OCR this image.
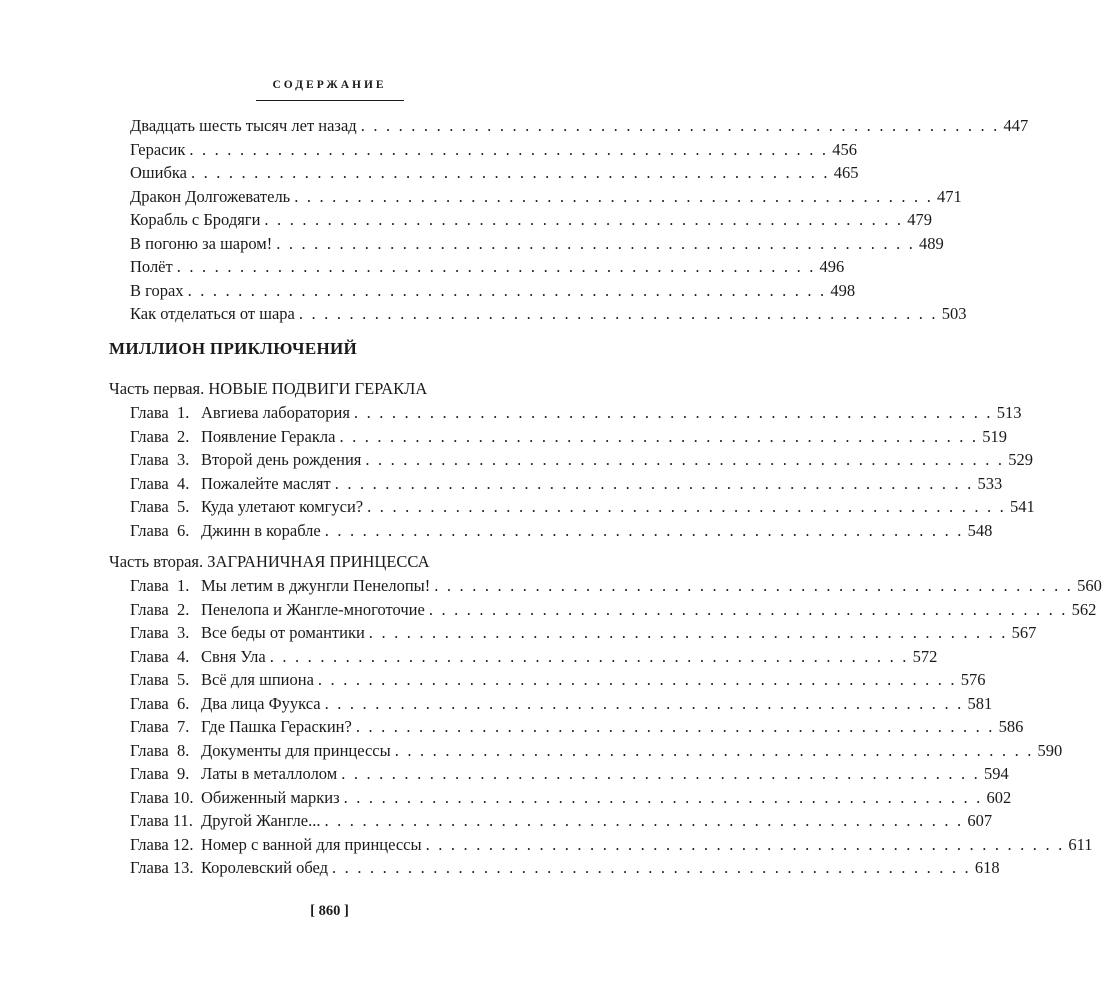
СОДЕРЖАНИЕ
Двадцать шесть тысяч лет назад . . . . . . . . . . . . . . . . . . . . . . . . . . . . . . . . . . . . . . . . . . . . . . . . . . . 447
Герасик . . . . . . . . . . . . . . . . . . . . . . . . . . . . . . . . . . . . . . . . . . . . . . . . . . . 456
Ошибка . . . . . . . . . . . . . . . . . . . . . . . . . . . . . . . . . . . . . . . . . . . . . . . . . . . 465
Дракон Долгожеватель . . . . . . . . . . . . . . . . . . . . . . . . . . . . . . . . . . . . . . . . . . . . . . . . . . . 471
Корабль с Бродяги . . . . . . . . . . . . . . . . . . . . . . . . . . . . . . . . . . . . . . . . . . . . . . . . . . . 479
В погоню за шаром! . . . . . . . . . . . . . . . . . . . . . . . . . . . . . . . . . . . . . . . . . . . . . . . . . . . 489
Полёт . . . . . . . . . . . . . . . . . . . . . . . . . . . . . . . . . . . . . . . . . . . . . . . . . . . 496
В горах . . . . . . . . . . . . . . . . . . . . . . . . . . . . . . . . . . . . . . . . . . . . . . . . . . . 498
Как отделаться от шара . . . . . . . . . . . . . . . . . . . . . . . . . . . . . . . . . . . . . . . . . . . . . . . . . . . 503
МИЛЛИОН ПРИКЛЮЧЕНИЙ
Часть первая. НОВЫЕ ПОДВИГИ ГЕРАКЛА
Глава  1. Авгиева лаборатория . . . . . . . . . . . . . . . . . . . . . . . . . . . . . . . . . . . . . . . . . . . . . . . . . . . 513
Глава  2. Появление Геракла . . . . . . . . . . . . . . . . . . . . . . . . . . . . . . . . . . . . . . . . . . . . . . . . . . . 519
Глава  3. Второй день рождения . . . . . . . . . . . . . . . . . . . . . . . . . . . . . . . . . . . . . . . . . . . . . . . . . . . 529
Глава  4. Пожалейте маслят . . . . . . . . . . . . . . . . . . . . . . . . . . . . . . . . . . . . . . . . . . . . . . . . . . . 533
Глава  5. Куда улетают комгуси? . . . . . . . . . . . . . . . . . . . . . . . . . . . . . . . . . . . . . . . . . . . . . . . . . . . 541
Глава  6. Джинн в корабле . . . . . . . . . . . . . . . . . . . . . . . . . . . . . . . . . . . . . . . . . . . . . . . . . . . 548
Часть вторая. ЗАГРАНИЧНАЯ ПРИНЦЕССА
Глава  1. Мы летим в джунгли Пенелопы! . . . . . . . . . . . . . . . . . . . . . . . . . . . . . . . . . . . . . . . . . . . . . . . . . . . 560
Глава  2. Пенелопа и Жангле-многоточие . . . . . . . . . . . . . . . . . . . . . . . . . . . . . . . . . . . . . . . . . . . . . . . . . . . 562
Глава  3. Все беды от романтики . . . . . . . . . . . . . . . . . . . . . . . . . . . . . . . . . . . . . . . . . . . . . . . . . . . 567
Глава  4. Свня Ула . . . . . . . . . . . . . . . . . . . . . . . . . . . . . . . . . . . . . . . . . . . . . . . . . . . 572
Глава  5. Всё для шпиона . . . . . . . . . . . . . . . . . . . . . . . . . . . . . . . . . . . . . . . . . . . . . . . . . . . 576
Глава  6. Два лица Фуукса . . . . . . . . . . . . . . . . . . . . . . . . . . . . . . . . . . . . . . . . . . . . . . . . . . . 581
Глава  7. Где Пашка Гераскин? . . . . . . . . . . . . . . . . . . . . . . . . . . . . . . . . . . . . . . . . . . . . . . . . . . . 586
Глава  8. Документы для принцессы . . . . . . . . . . . . . . . . . . . . . . . . . . . . . . . . . . . . . . . . . . . . . . . . . . . 590
Глава  9. Латы в металлолом . . . . . . . . . . . . . . . . . . . . . . . . . . . . . . . . . . . . . . . . . . . . . . . . . . . 594
Глава 10. Обиженный маркиз . . . . . . . . . . . . . . . . . . . . . . . . . . . . . . . . . . . . . . . . . . . . . . . . . . . 602
Глава 11. Другой Жангле... . . . . . . . . . . . . . . . . . . . . . . . . . . . . . . . . . . . . . . . . . . . . . . . . . . . 607
Глава 12. Номер с ванной для принцессы . . . . . . . . . . . . . . . . . . . . . . . . . . . . . . . . . . . . . . . . . . . . . . . . . . . 611
Глава 13. Королевский обед . . . . . . . . . . . . . . . . . . . . . . . . . . . . . . . . . . . . . . . . . . . . . . . . . . . 618
[ 860 ]
